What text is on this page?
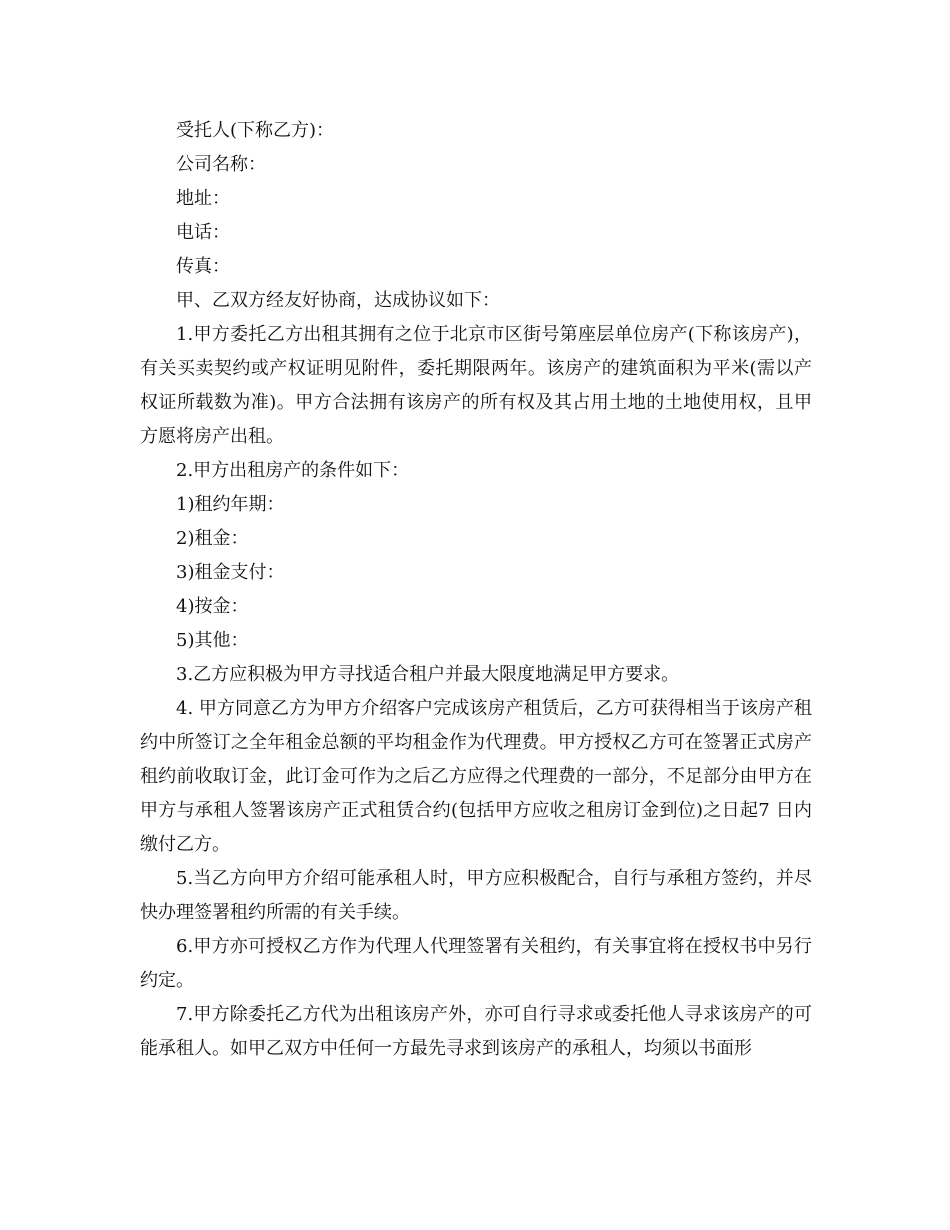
受托人(下称乙方)：

公司名称：

地址：

电话：

传真：

甲、乙双方经友好协商，达成协议如下：

1.甲方委托乙方出租其拥有之位于北京市区街号第座层单位房产(下称该房产)，有关买卖契约或产权证明见附件，委托期限两年。该房产的建筑面积为平米(需以产权证所载数为准)。甲方合法拥有该房产的所有权及其占用土地的土地使用权，且甲方愿将房产出租。

2.甲方出租房产的条件如下：

1)租约年期：

2)租金：

3)租金支付：

4)按金：

5)其他：

3.乙方应积极为甲方寻找适合租户并最大限度地满足甲方要求。

4. 甲方同意乙方为甲方介绍客户完成该房产租赁后，乙方可获得相当于该房产租约中所签订之全年租金总额的平均租金作为代理费。甲方授权乙方可在签署正式房产租约前收取订金，此订金可作为之后乙方应得之代理费的一部分，不足部分由甲方在甲方与承租人签署该房产正式租赁合约(包括甲方应收之租房订金到位)之日起7 日内缴付乙方。

5.当乙方向甲方介绍可能承租人时，甲方应积极配合，自行与承租方签约，并尽快办理签署租约所需的有关手续。

6.甲方亦可授权乙方作为代理人代理签署有关租约，有关事宜将在授权书中另行约定。

7.甲方除委托乙方代为出租该房产外，亦可自行寻求或委托他人寻求该房产的可能承租人。如甲乙双方中任何一方最先寻求到该房产的承租人，均须以书面形
